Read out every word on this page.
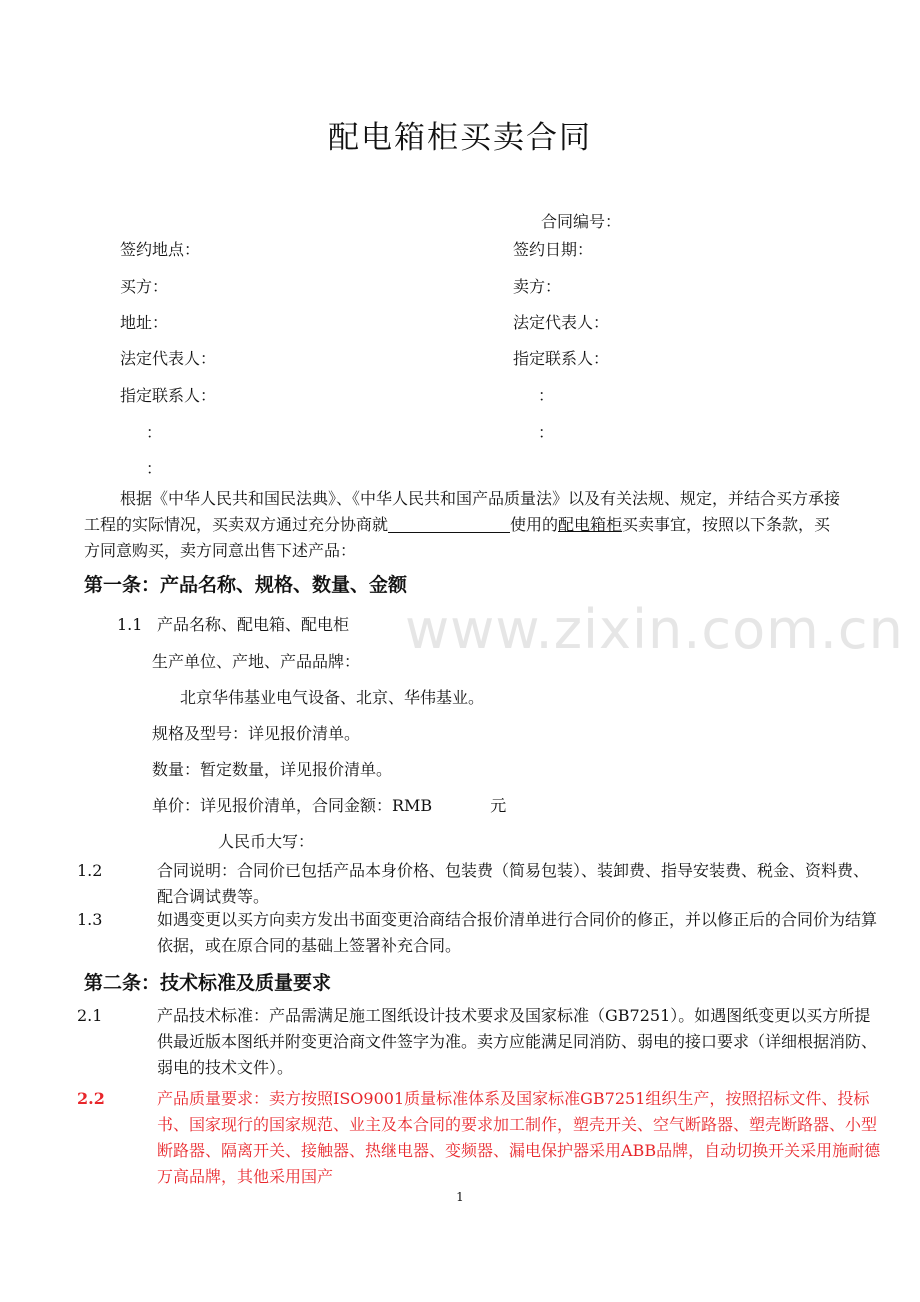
www.zixin.com.cn
配电箱柜买卖合同
合同编号：
签约地点：	签约日期：
买方：	卖方：
地址：	法定代表人：
法定代表人：	指定联系人：
指定联系人：	：
：	：
：
根据《中华人民共和国民法典》、《中华人民共和国产品质量法》以及有关法规、规定，并结合买方承接工程的实际情况，买卖双方通过充分协商就	使用的配电箱柜买卖事宜，按照以下条款，买方同意购买，卖方同意出售下述产品：
第一条：产品名称、规格、数量、金额
1.1 产品名称、配电箱、配电柜
生产单位、产地、产品品牌：
北京华伟基业电气设备、北京、华伟基业。
规格及型号：详见报价清单。
数量：暂定数量，详见报价清单。
单价：详见报价清单，合同金额：RMB	元
人民币大写：
1.2	合同说明：合同价已包括产品本身价格、包装费（简易包装）、装卸费、指导安装费、税金、资料费、配合调试费等。
1.3	如遇变更以买方向卖方发出书面变更洽商结合报价清单进行合同价的修正，并以修正后的合同价为结算依据，或在原合同的基础上签署补充合同。
第二条：技术标准及质量要求
2.1	产品技术标准：产品需满足施工图纸设计技术要求及国家标准（GB7251）。如遇图纸变更以买方所提供最近版本图纸并附变更洽商文件签字为准。卖方应能满足同消防、弱电的接口要求（详细根据消防、弱电的技术文件）。
2.2	产品质量要求：卖方按照ISO9001质量标准体系及国家标准GB7251组织生产，按照招标文件、投标书、国家现行的国家规范、业主及本合同的要求加工制作，塑壳开关、空气断路器、塑壳断路器、小型断路器、隔离开关、接触器、热继电器、变频器、漏电保护器采用ABB品牌，自动切换开关采用施耐德万高品牌，其他采用国产
1
